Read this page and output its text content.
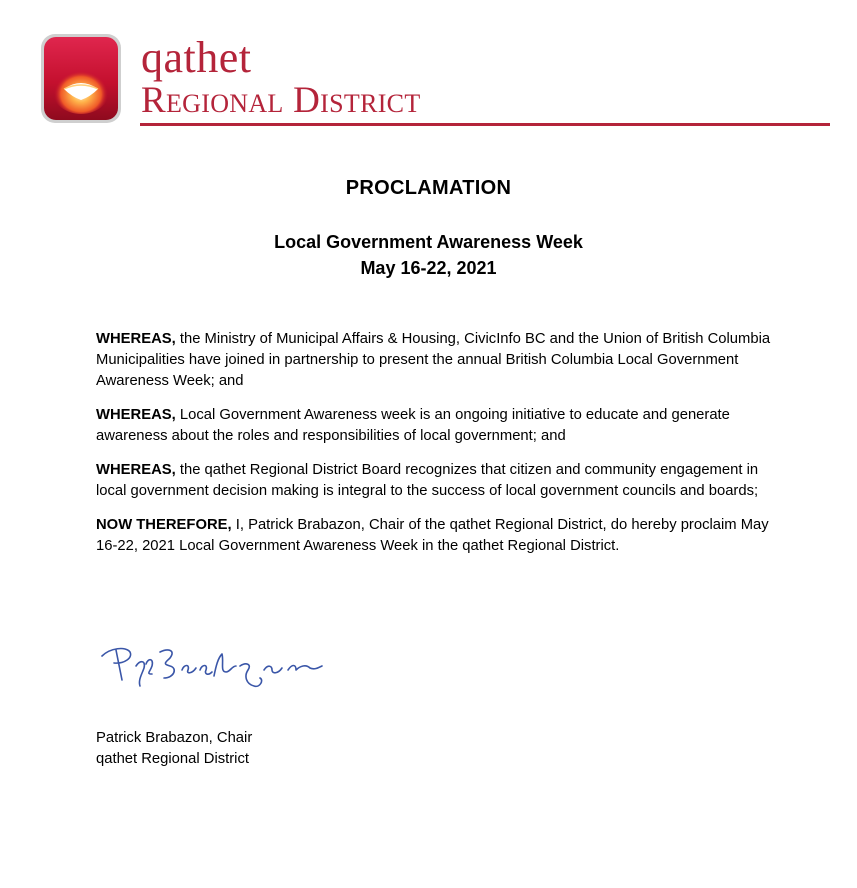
qathet
Regional District
PROCLAMATION
Local Government Awareness Week
May 16-22, 2021

WHEREAS, the Ministry of Municipal Affairs & Housing, CivicInfo BC and the Union of British Columbia Municipalities have joined in partnership to present the annual British Columbia Local Government Awareness Week; and

WHEREAS, Local Government Awareness week is an ongoing initiative to educate and generate awareness about the roles and responsibilities of local government; and

WHEREAS, the qathet Regional District Board recognizes that citizen and community engagement in local government decision making is integral to the success of local government councils and boards;

NOW THEREFORE, I, Patrick Brabazon, Chair of the qathet Regional District, do hereby proclaim May 16-22, 2021 Local Government Awareness Week in the qathet Regional District.

Patrick Brabazon, Chair
qathet Regional District
